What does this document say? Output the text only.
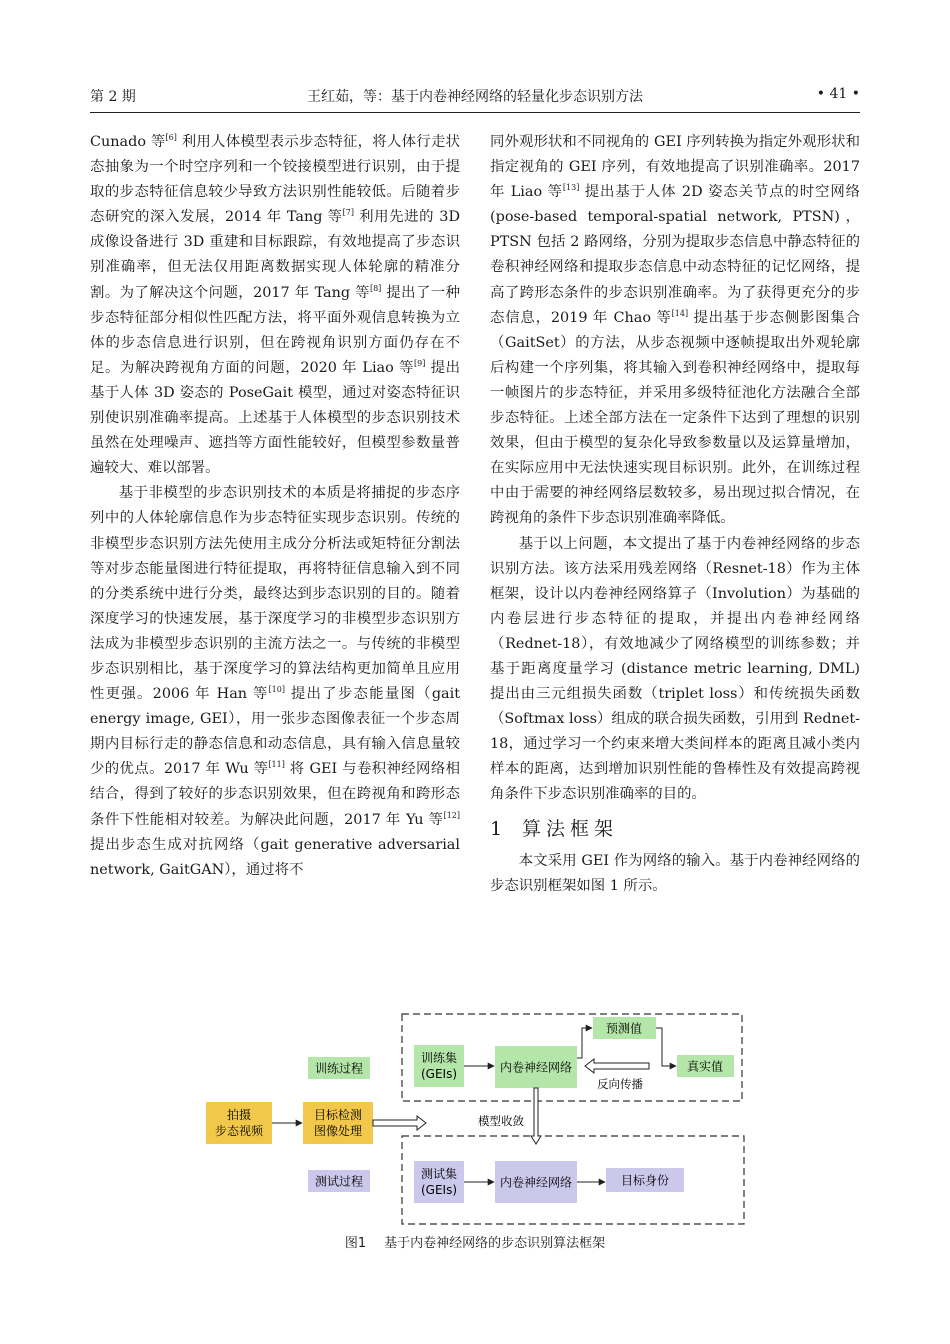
第 2 期	王红茹，等：基于内卷神经网络的轻量化步态识别方法	• 41 •

Cunado 等[6] 利用人体模型表示步态特征，将人体行走状态抽象为一个时空序列和一个铰接模型进行识别，由于提取的步态特征信息较少导致方法识别性能较低。后随着步态研究的深入发展，2014 年 Tang 等[7] 利用先进的 3D 成像设备进行 3D 重建和目标跟踪，有效地提高了步态识别准确率，但无法仅用距离数据实现人体轮廓的精准分割。为了解决这个问题，2017 年 Tang 等[8] 提出了一种步态特征部分相似性匹配方法，将平面外观信息转换为立体的步态信息进行识别，但在跨视角识别方面仍存在不足。为解决跨视角方面的问题，2020 年 Liao 等[9] 提出基于人体 3D 姿态的 PoseGait 模型，通过对姿态特征识别使识别准确率提高。上述基于人体模型的步态识别技术虽然在处理噪声、遮挡等方面性能较好，但模型参数量普遍较大、难以部署。

基于非模型的步态识别技术的本质是将捕捉的步态序列中的人体轮廓信息作为步态特征实现步态识别。传统的非模型步态识别方法先使用主成分分析法或矩特征分割法等对步态能量图进行特征提取，再将特征信息输入到不同的分类系统中进行分类，最终达到步态识别的目的。随着深度学习的快速发展，基于深度学习的非模型步态识别方法成为非模型步态识别的主流方法之一。与传统的非模型步态识别相比，基于深度学习的算法结构更加简单且应用性更强。2006 年 Han 等[10] 提出了步态能量图（gait energy image, GEI），用一张步态图像表征一个步态周期内目标行走的静态信息和动态信息，具有输入信息量较少的优点。2017 年 Wu 等[11] 将 GEI 与卷积神经网络相结合，得到了较好的步态识别效果，但在跨视角和跨形态条件下性能相对较差。为解决此问题，2017 年 Yu 等[12] 提出步态生成对抗网络（gait generative adversarial network, GaitGAN），通过将不

同外观形状和不同视角的 GEI 序列转换为指定外观形状和指定视角的 GEI 序列，有效地提高了识别准确率。2017 年 Liao 等[13] 提出基于人体 2D 姿态关节点的时空网络 (pose-based temporal-spatial network, PTSN)，PTSN 包括 2 路网络，分别为提取步态信息中静态特征的卷积神经网络和提取步态信息中动态特征的记忆网络，提高了跨形态条件的步态识别准确率。为了获得更充分的步态信息，2019 年 Chao 等[14] 提出基于步态侧影图集合（GaitSet）的方法，从步态视频中逐帧提取出外观轮廓后构建一个序列集，将其输入到卷积神经网络中，提取每一帧图片的步态特征，并采用多级特征池化方法融合全部步态特征。上述全部方法在一定条件下达到了理想的识别效果，但由于模型的复杂化导致参数量以及运算量增加，在实际应用中无法快速实现目标识别。此外，在训练过程中由于需要的神经网络层数较多，易出现过拟合情况，在跨视角的条件下步态识别准确率降低。

基于以上问题，本文提出了基于内卷神经网络的步态识别方法。该方法采用残差网络（Resnet-18）作为主体框架，设计以内卷神经网络算子（Involution）为基础的内卷层进行步态特征的提取，并提出内卷神经网络（Rednet-18），有效地减少了网络模型的训练参数；并基于距离度量学习 (distance metric learning, DML) 提出由三元组损失函数（triplet loss）和传统损失函数（Softmax loss）组成的联合损失函数，引用到 Rednet-18，通过学习一个约束来增大类间样本的距离且减小类内样本的距离，达到增加识别性能的鲁棒性及有效提高跨视角条件下步态识别准确率的目的。

1 算法框架

本文采用 GEI 作为网络的输入。基于内卷神经网络的步态识别框架如图 1 所示。

训练过程
测试过程
训练集
(GEIs)	内卷神经网络
预测值
真实值
反向传播
模型收敛
拍摄
步态视频
目标检测
图像处理
测试集
(GEIs)
内卷神经网络	目标身份
图1 基于内卷神经网络的步态识别算法框架
